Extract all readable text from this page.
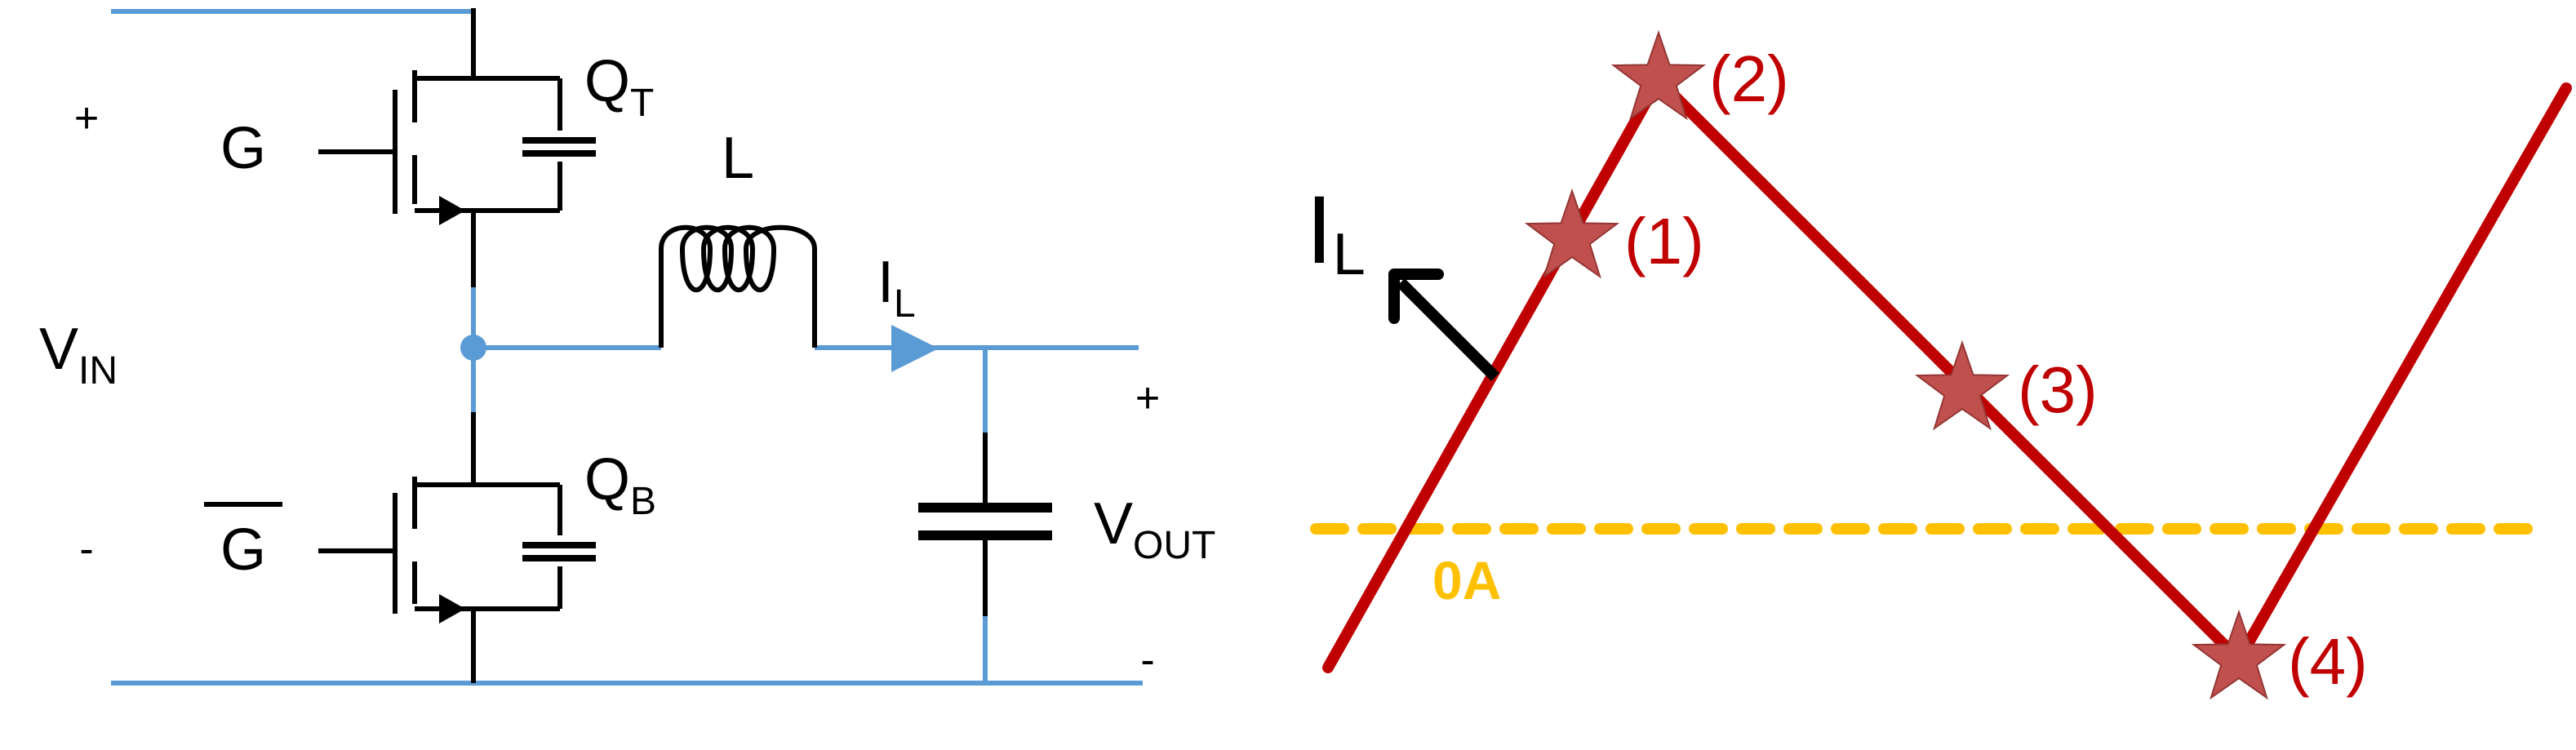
+
-
$V_{IN}$
G
G
$Q_T$
$Q_B$
L
$I_L$
+
-
$V_{OUT}$
0A
IL	(1)
(2)
(3)
(4)
